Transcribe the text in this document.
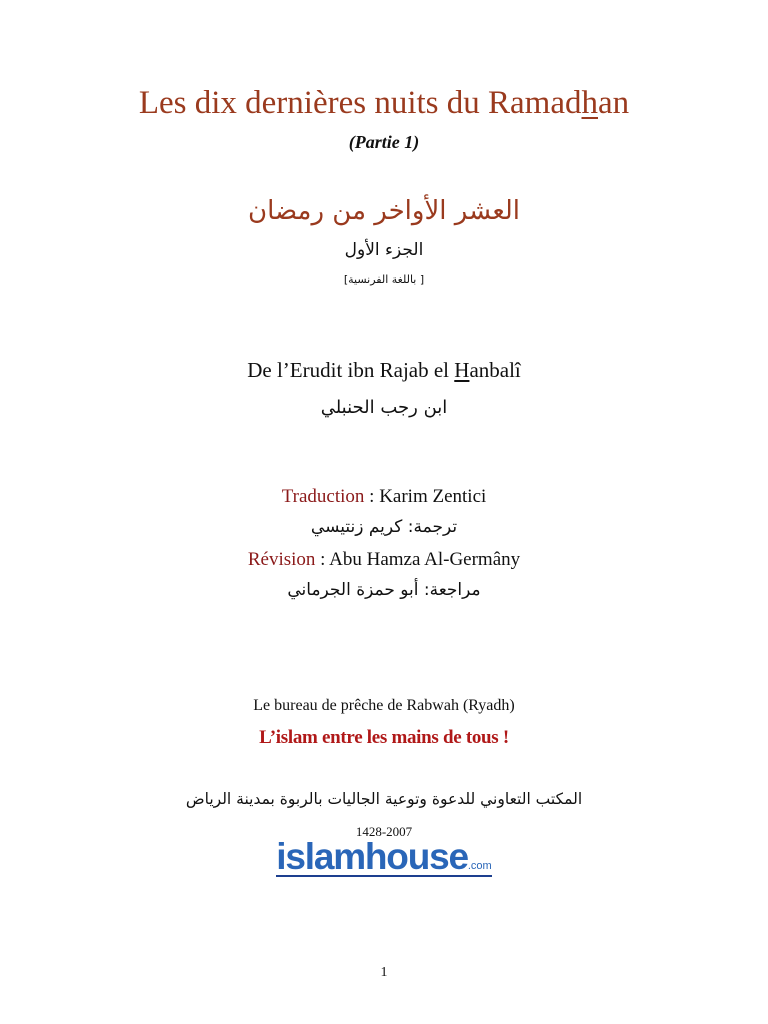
Les dix dernières nuits du Ramadhan
(Partie 1)
العشر الأواخر من رمضان
الجزء الأول
[باللغة الفرنسية ]
De l’Erudit ibn Rajab el Hanbalî
ابن رجب الحنبلي
Traduction : Karim Zentici
ترجمة: كريم زنتيسي
Révision : Abu Hamza Al-Germâny
مراجعة: أبو حمزة الجرماني
Le bureau de prêche de Rabwah (Ryadh)
L’islam entre les mains de tous !
المكتب التعاوني للدعوة وتوعية الجاليات بالربوة بمدينة الرياض
1428-2007
islamhouse.com
1
